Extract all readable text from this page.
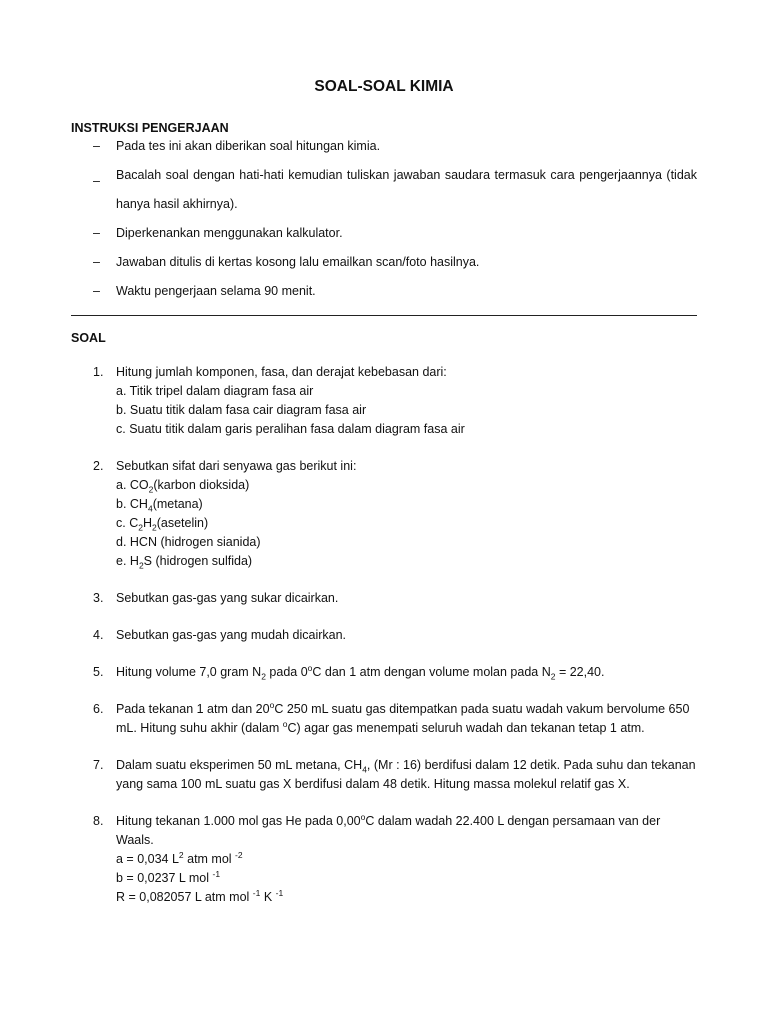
SOAL-SOAL KIMIA
INSTRUKSI PENGERJAAN
– Pada tes ini akan diberikan soal hitungan kimia.
– Bacalah soal dengan hati-hati kemudian tuliskan jawaban saudara termasuk cara pengerjaannya (tidak hanya hasil akhirnya).
– Diperkenankan menggunakan kalkulator.
– Jawaban ditulis di kertas kosong lalu emailkan scan/foto hasilnya.
– Waktu pengerjaan selama 90 menit.
SOAL
1. Hitung jumlah komponen, fasa, dan derajat kebebasan dari:
a. Titik tripel dalam diagram fasa air
b. Suatu titik dalam fasa cair diagram fasa air
c. Suatu titik dalam garis peralihan fasa dalam diagram fasa air
2. Sebutkan sifat dari senyawa gas berikut ini:
a. $CO_2(karbon$ dioksida)
b. $CH_4(metana)$
c. $C_2H_2(asetelin)$
d. HCN (hidrogen sianida)
e. $H_2S$ (hidrogen sulfida)
3. Sebutkan gas-gas yang sukar dicairkan.
4. Sebutkan gas-gas yang mudah dicairkan.
5. Hitung volume 7,0 gram $N_2$ pada 0$^o$C dan 1 atm dengan volume molan pada $N_2 = 22,40$.
6. Pada tekanan 1 atm dan 20$^o$C 250 mL suatu gas ditempatkan pada suatu wadah vakum bervolume 650 mL. Hitung suhu akhir (dalam $^o$C) agar gas menempati seluruh wadah dan tekanan tetap 1 atm.
7. Dalam suatu eksperimen 50 mL metana, $CH_4$, (Mr : 16) berdifusi dalam 12 detik. Pada suhu dan tekanan yang sama 100 mL suatu gas X berdifusi dalam 48 detik. Hitung massa molekul relatif gas X.
8. Hitung tekanan 1.000 mol gas He pada 0,00$^o$C dalam wadah 22.400 L dengan persamaan van der Waals.
a = 0,034 $L^2$ atm mol $^{-2}$
b = 0,0237 L mol $^{-1}$
R = 0,082057 L atm mol $^{-1}$ K $^{-1}$
